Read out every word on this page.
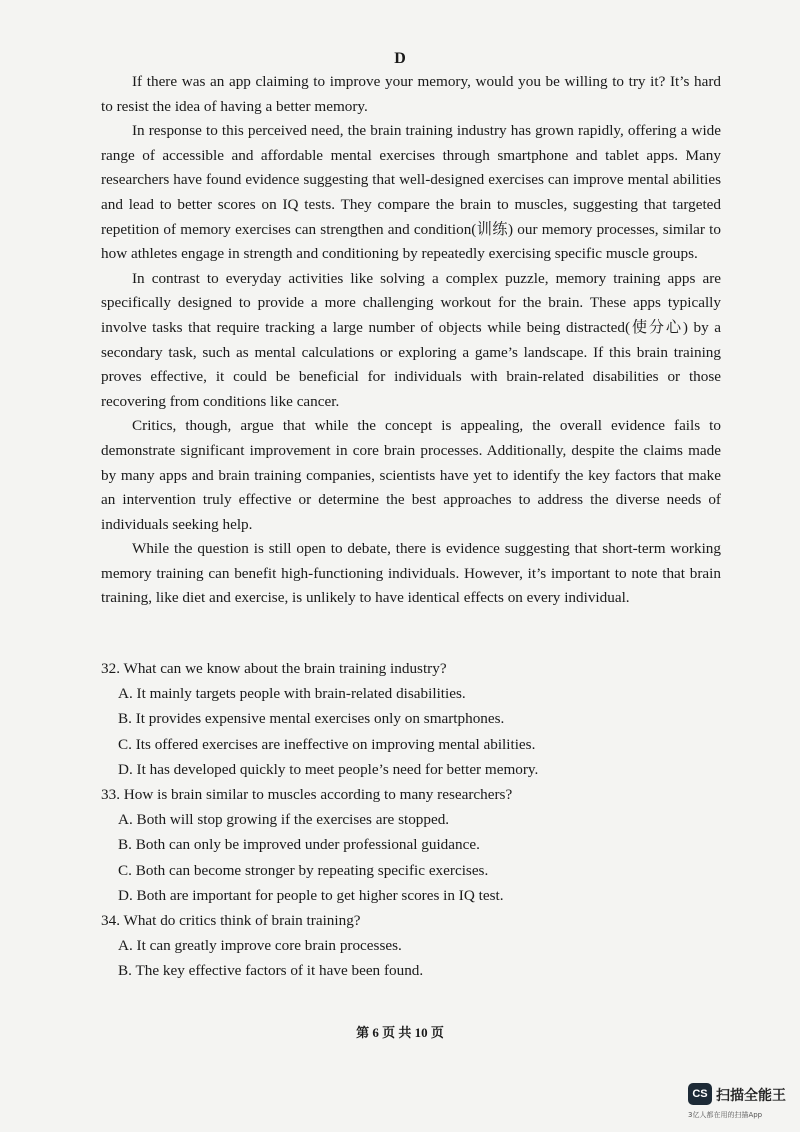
D

If there was an app claiming to improve your memory, would you be willing to try it? It’s hard to resist the idea of having a better memory.

In response to this perceived need, the brain training industry has grown rapidly, offering a wide range of accessible and affordable mental exercises through smartphone and tablet apps. Many researchers have found evidence suggesting that well-designed exercises can improve mental abilities and lead to better scores on IQ tests. They compare the brain to muscles, suggesting that targeted repetition of memory exercises can strengthen and condition(训练) our memory processes, similar to how athletes engage in strength and conditioning by repeatedly exercising specific muscle groups.

In contrast to everyday activities like solving a complex puzzle, memory training apps are specifically designed to provide a more challenging workout for the brain. These apps typically involve tasks that require tracking a large number of objects while being distracted(使分心) by a secondary task, such as mental calculations or exploring a game’s landscape. If this brain training proves effective, it could be beneficial for individuals with brain-related disabilities or those recovering from conditions like cancer.

Critics, though, argue that while the concept is appealing, the overall evidence fails to demonstrate significant improvement in core brain processes. Additionally, despite the claims made by many apps and brain training companies, scientists have yet to identify the key factors that make an intervention truly effective or determine the best approaches to address the diverse needs of individuals seeking help.

While the question is still open to debate, there is evidence suggesting that short-term working memory training can benefit high-functioning individuals. However, it’s important to note that brain training, like diet and exercise, is unlikely to have identical effects on every individual.

32. What can we know about the brain training industry?

A. It mainly targets people with brain-related disabilities.

B. It provides expensive mental exercises only on smartphones.

C. Its offered exercises are ineffective on improving mental abilities.

D. It has developed quickly to meet people’s need for better memory.

33. How is brain similar to muscles according to many researchers?

A. Both will stop growing if the exercises are stopped.

B. Both can only be improved under professional guidance.

C. Both can become stronger by repeating specific exercises.

D. Both are important for people to get higher scores in IQ test.

34. What do critics think of brain training?

A. It can greatly improve core brain processes.

B. The key effective factors of it have been found.

第 6 页 共 10 页
CS 扫描全能王
3亿人都在用的扫描App
